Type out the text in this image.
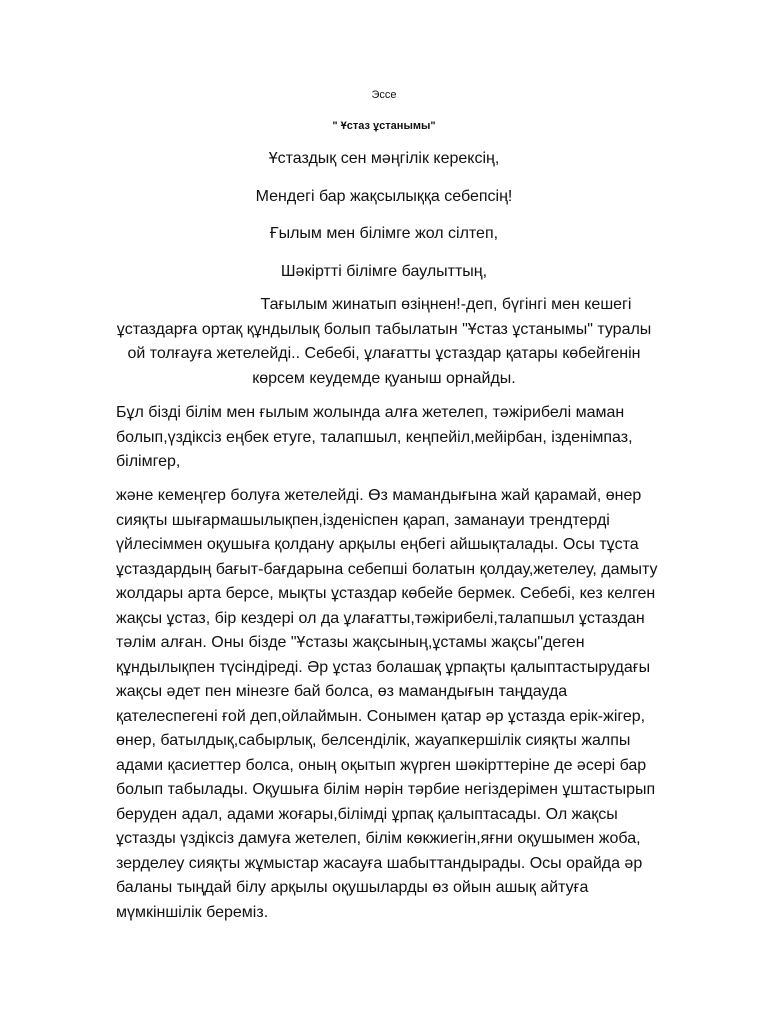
Эссе
" Ұстаз ұстанымы"
Ұстаздық сен мәңгілік керексің,
Мендегі бар жақсылыққа себепсің!
Ғылым мен білімге жол сілтеп,
Шәкіртті білімге баулыттың,

Тағылым жинатып өзіңнен!-деп, бүгінгі мен кешегі ұстаздарға ортақ құндылық болып табылатын "Ұстаз ұстанымы" туралы ой толғауға жетелейді.. Себебі, ұлағатты ұстаздар қатары көбейгенін көрсем кеудемде қуаныш орнайды.

Бұл бізді білім мен ғылым жолында алға жетелеп, тәжірибелі маман болып,үздіксіз еңбек етуге, талапшыл, кеңпейіл,мейірбан, ізденімпаз, білімгер,

және кемеңгер болуға жетелейді. Өз мамандығына жай қарамай, өнер сияқты шығармашылықпен,ізденіспен қарап, заманауи трендтерді үйлесіммен оқушыға қолдану арқылы еңбегі айшықталады. Осы тұста ұстаздардың бағыт-бағдарына себепші болатын қолдау,жетелеу, дамыту жолдары арта берсе, мықты ұстаздар көбейе бермек. Себебі, кез келген жақсы ұстаз, бір кездері ол да ұлағатты,тәжірибелі,талапшыл ұстаздан тәлім алған. Оны бізде "Ұстазы жақсының,ұстамы жақсы"деген құндылықпен түсіндіреді. Әр ұстаз болашақ ұрпақты қалыптастырудағы жақсы әдет пен мінезге бай болса, өз мамандығын таңдауда қателеспегені ғой деп,ойлаймын. Сонымен қатар әр ұстазда ерік-жігер, өнер, батылдық,сабырлық, белсенділік, жауапкершілік сияқты жалпы адами қасиеттер болса, оның оқытып жүрген шәкірттеріне де әсері бар болып табылады. Оқушыға білім нәрін тәрбие негіздерімен ұштастырып беруден адал, адами жоғары,білімді ұрпақ қалыптасады. Ол жақсы ұстазды үздіксіз дамуға жетелеп, білім көкжиегін,яғни оқушымен жоба, зерделеу сияқты жұмыстар жасауға шабыттандырады. Осы орайда әр баланы тыңдай білу арқылы оқушыларды өз ойын ашық айтуға мүмкіншілік береміз.
